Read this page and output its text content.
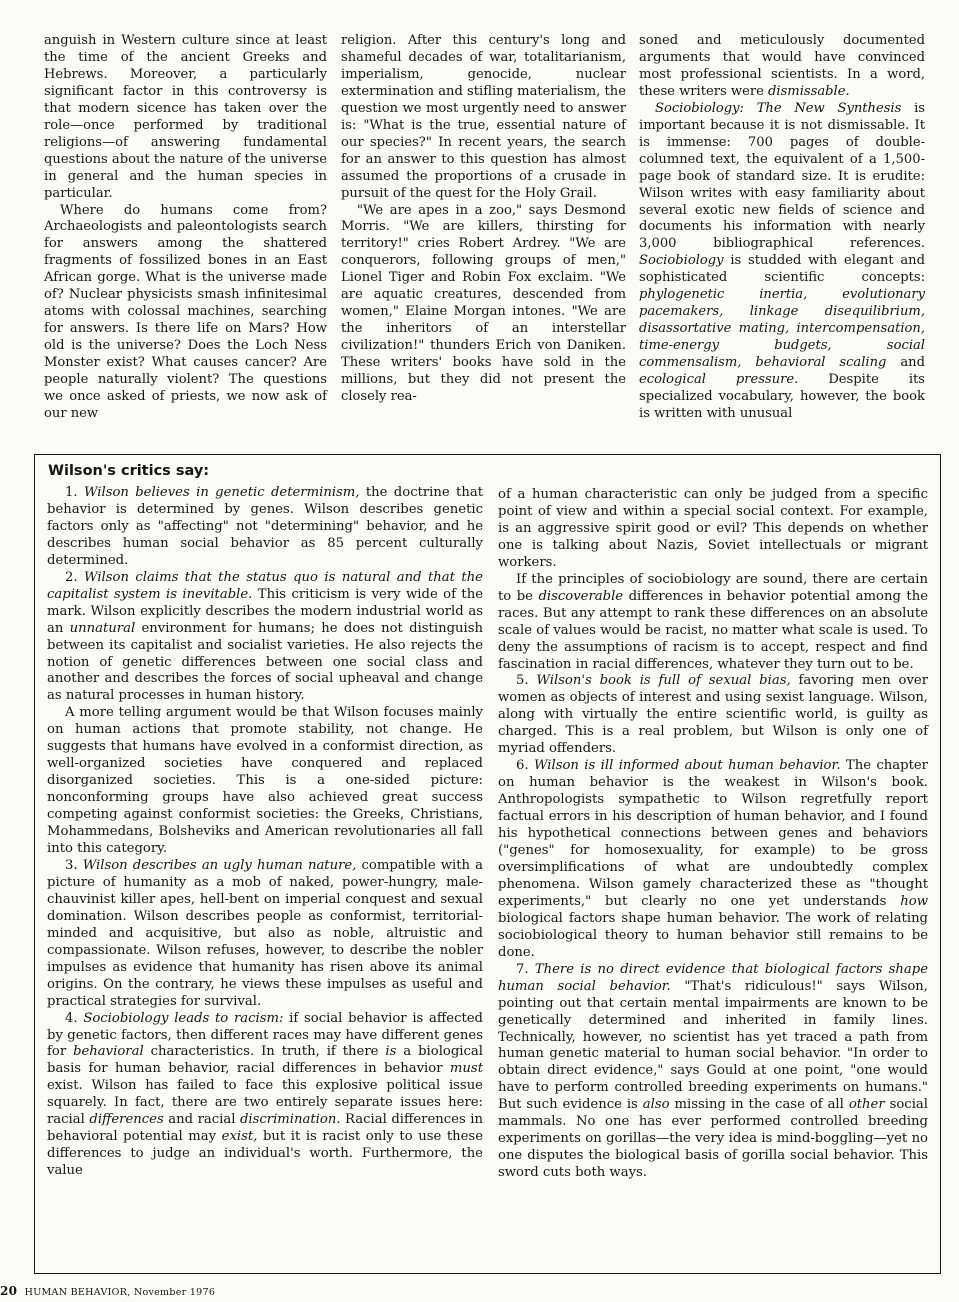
anguish in Western culture since at least the time of the ancient Greeks and Hebrews. Moreover, a particularly significant factor in this controversy is that modern sicence has taken over the role—once performed by traditional religions—of answering fundamental questions about the nature of the universe in general and the human species in particular.

Where do humans come from? Archaeologists and paleontologists search for answers among the shattered fragments of fossilized bones in an East African gorge. What is the universe made of? Nuclear physicists smash infinitesimal atoms with colossal machines, searching for answers. Is there life on Mars? How old is the universe? Does the Loch Ness Monster exist? What causes cancer? Are people naturally violent? The questions we once asked of priests, we now ask of our new

religion. After this century's long and shameful decades of war, totalitarianism, imperialism, genocide, nuclear extermination and stifling materialism, the question we most urgently need to answer is: "What is the true, essential nature of our species?" In recent years, the search for an answer to this question has almost assumed the proportions of a crusade in pursuit of the quest for the Holy Grail.

"We are apes in a zoo," says Desmond Morris. "We are killers, thirsting for territory!" cries Robert Ardrey. "We are conquerors, following groups of men," Lionel Tiger and Robin Fox exclaim. "We are aquatic creatures, descended from women," Elaine Morgan intones. "We are the inheritors of an interstellar civilization!" thunders Erich von Daniken. These writers' books have sold in the millions, but they did not present the closely rea-

soned and meticulously documented arguments that would have convinced most professional scientists. In a word, these writers were dismissable.

Sociobiology: The New Synthesis is important because it is not dismissable. It is immense: 700 pages of double-columned text, the equivalent of a 1,500-page book of standard size. It is erudite: Wilson writes with easy familiarity about several exotic new fields of science and documents his information with nearly 3,000 bibliographical references. Sociobiology is studded with elegant and sophisticated scientific concepts: phylogenetic inertia, evolutionary pacemakers, linkage disequilibrium, disassortative mating, intercompensation, time-energy budgets, social commensalism, behavioral scaling and ecological pressure. Despite its specialized vocabulary, however, the book is written with unusual

Wilson's critics say:

1. Wilson believes in genetic determinism, the doctrine that behavior is determined by genes. Wilson describes genetic factors only as "affecting" not "determining" behavior, and he describes human social behavior as 85 percent culturally determined.

2. Wilson claims that the status quo is natural and that the capitalist system is inevitable. This criticism is very wide of the mark. Wilson explicitly describes the modern industrial world as an unnatural environment for humans; he does not distinguish between its capitalist and socialist varieties. He also rejects the notion of genetic differences between one social class and another and describes the forces of social upheaval and change as natural processes in human history.

A more telling argument would be that Wilson focuses mainly on human actions that promote stability, not change. He suggests that humans have evolved in a conformist direction, as well-organized societies have conquered and replaced disorganized societies. This is a one-sided picture: nonconforming groups have also achieved great success competing against conformist societies: the Greeks, Christians, Mohammedans, Bolsheviks and American revolutionaries all fall into this category.

3. Wilson describes an ugly human nature, compatible with a picture of humanity as a mob of naked, power-hungry, male-chauvinist killer apes, hell-bent on imperial conquest and sexual domination. Wilson describes people as conformist, territorial-minded and acquisitive, but also as noble, altruistic and compassionate. Wilson refuses, however, to describe the nobler impulses as evidence that humanity has risen above its animal origins. On the contrary, he views these impulses as useful and practical strategies for survival.

4. Sociobiology leads to racism: if social behavior is affected by genetic factors, then different races may have different genes for behavioral characteristics. In truth, if there is a biological basis for human behavior, racial differences in behavior must exist. Wilson has failed to face this explosive political issue squarely. In fact, there are two entirely separate issues here: racial differences and racial discrimination. Racial differences in behavioral potential may exist, but it is racist only to use these differences to judge an individual's worth. Furthermore, the value

of a human characteristic can only be judged from a specific point of view and within a special social context. For example, is an aggressive spirit good or evil? This depends on whether one is talking about Nazis, Soviet intellectuals or migrant workers.

If the principles of sociobiology are sound, there are certain to be discoverable differences in behavior potential among the races. But any attempt to rank these differences on an absolute scale of values would be racist, no matter what scale is used. To deny the assumptions of racism is to accept, respect and find fascination in racial differences, whatever they turn out to be.

5. Wilson's book is full of sexual bias, favoring men over women as objects of interest and using sexist language. Wilson, along with virtually the entire scientific world, is guilty as charged. This is a real problem, but Wilson is only one of myriad offenders.

6. Wilson is ill informed about human behavior. The chapter on human behavior is the weakest in Wilson's book. Anthropologists sympathetic to Wilson regretfully report factual errors in his description of human behavior, and I found his hypothetical connections between genes and behaviors ("genes" for homosexuality, for example) to be gross oversimplifications of what are undoubtedly complex phenomena. Wilson gamely characterized these as "thought experiments," but clearly no one yet understands how biological factors shape human behavior. The work of relating sociobiological theory to human behavior still remains to be done.

7. There is no direct evidence that biological factors shape human social behavior. "That's ridiculous!" says Wilson, pointing out that certain mental impairments are known to be genetically determined and inherited in family lines. Technically, however, no scientist has yet traced a path from human genetic material to human social behavior. "In order to obtain direct evidence," says Gould at one point, "one would have to perform controlled breeding experiments on humans." But such evidence is also missing in the case of all other social mammals. No one has ever performed controlled breeding experiments on gorillas—the very idea is mind-boggling—yet no one disputes the biological basis of gorilla social behavior. This sword cuts both ways.

20 HUMAN BEHAVIOR, November 1976
